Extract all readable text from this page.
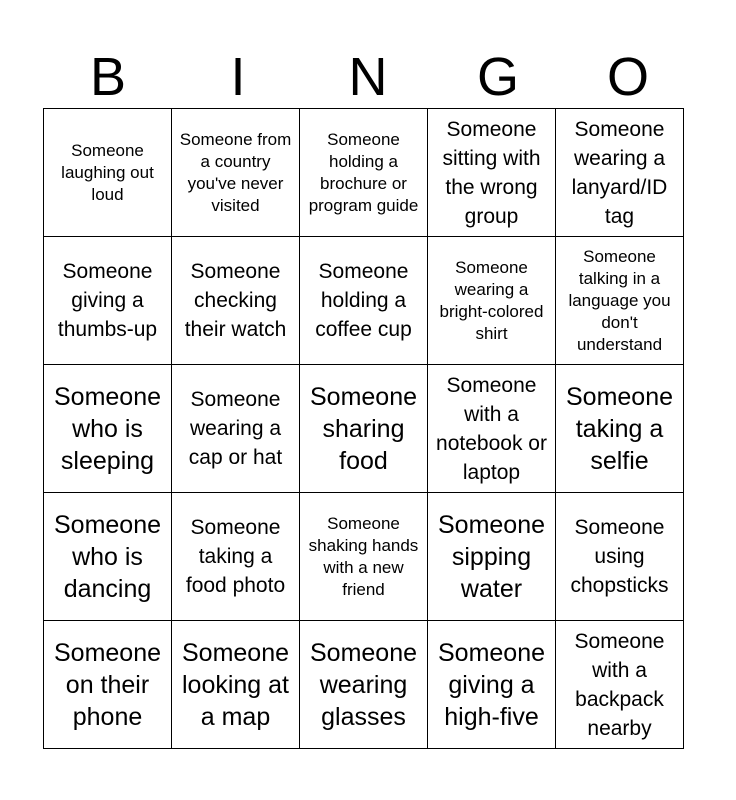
B	I	N	G	O
Someone laughing out loud	Someone from a country you've never visited	Someone holding a brochure or program guide	Someone sitting with the wrong group	Someone wearing a lanyard/ID tag
Someone giving a thumbs-up	Someone checking their watch	Someone holding a coffee cup	Someone wearing a bright-colored shirt	Someone talking in a language you don't understand
Someone who is sleeping	Someone wearing a cap or hat	Someone sharing food	Someone with a notebook or laptop	Someone taking a selfie
Someone who is dancing	Someone taking a food photo	Someone shaking hands with a new friend	Someone sipping water	Someone using chopsticks
Someone on their phone	Someone looking at a map	Someone wearing glasses	Someone giving a high-five	Someone with a backpack nearby
